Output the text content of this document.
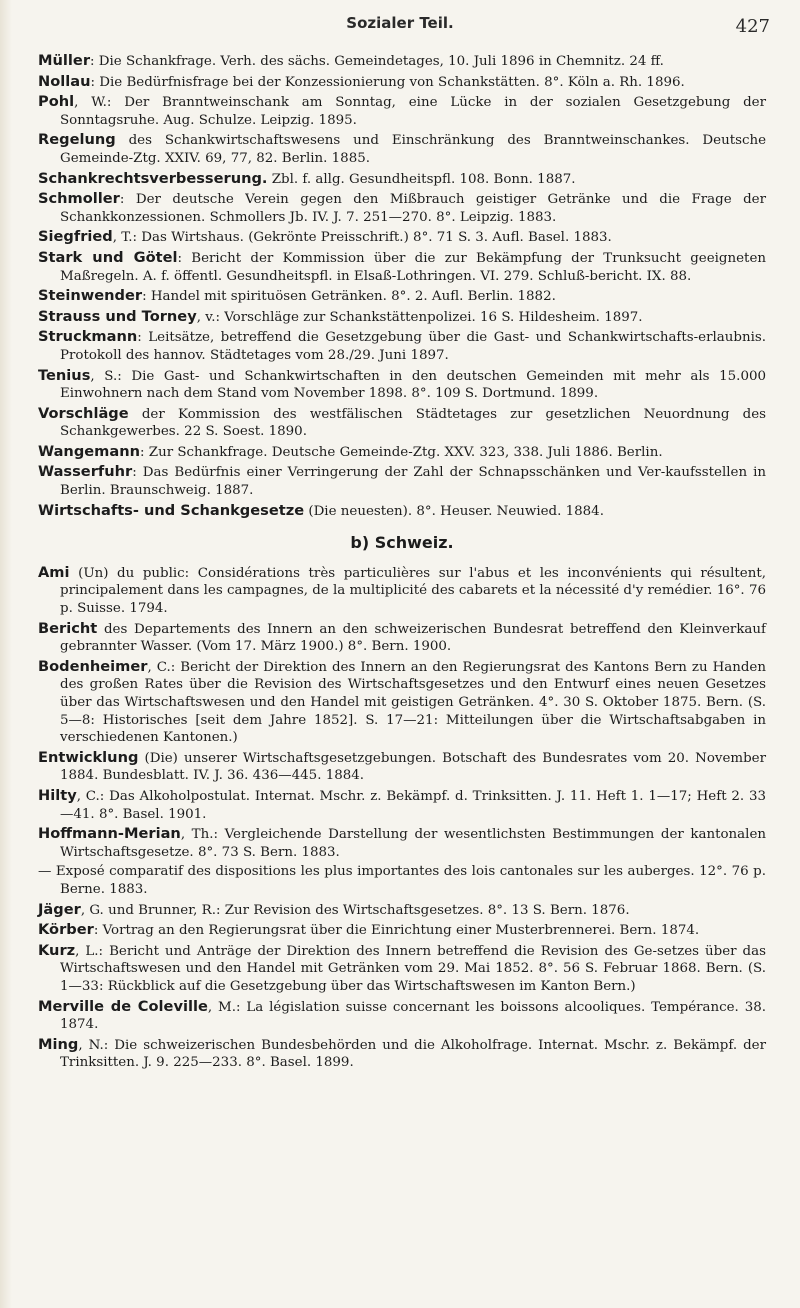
Sozialer Teil.	427

Müller: Die Schankfrage. Verh. des sächs. Gemeindetages, 10. Juli 1896 in Chemnitz. 24 ff.

Nollau: Die Bedürfnisfrage bei der Konzessionierung von Schankstätten. 8°. Köln a. Rh. 1896.

Pohl, W.: Der Branntweinschank am Sonntag, eine Lücke in der sozialen Gesetzgebung der Sonntagsruhe. Aug. Schulze. Leipzig. 1895.

Regelung des Schankwirtschaftswesens und Einschränkung des Branntweinschankes. Deutsche Gemeinde-Ztg. XXIV. 69, 77, 82. Berlin. 1885.

Schankrechtsverbesserung. Zbl. f. allg. Gesundheitspfl. 108. Bonn. 1887.

Schmoller: Der deutsche Verein gegen den Mißbrauch geistiger Getränke und die Frage der Schankkonzessionen. Schmollers Jb. IV. J. 7. 251—270. 8°. Leipzig. 1883.

Siegfried, T.: Das Wirtshaus. (Gekrönte Preisschrift.) 8°. 71 S. 3. Aufl. Basel. 1883.

Stark und Götel: Bericht der Kommission über die zur Bekämpfung der Trunksucht geeigneten Maßregeln. A. f. öffentl. Gesundheitspfl. in Elsaß-Lothringen. VI. 279. Schluß-bericht. IX. 88.

Steinwender: Handel mit spirituösen Getränken. 8°. 2. Aufl. Berlin. 1882.

Strauss und Torney, v.: Vorschläge zur Schankstättenpolizei. 16 S. Hildesheim. 1897.

Struckmann: Leitsätze, betreffend die Gesetzgebung über die Gast- und Schankwirtschafts-erlaubnis. Protokoll des hannov. Städtetages vom 28./29. Juni 1897.

Tenius, S.: Die Gast- und Schankwirtschaften in den deutschen Gemeinden mit mehr als 15.000 Einwohnern nach dem Stand vom November 1898. 8°. 109 S. Dortmund. 1899.

Vorschläge der Kommission des westfälischen Städtetages zur gesetzlichen Neuordnung des Schankgewerbes. 22 S. Soest. 1890.

Wangemann: Zur Schankfrage. Deutsche Gemeinde-Ztg. XXV. 323, 338. Juli 1886. Berlin.

Wasserfuhr: Das Bedürfnis einer Verringerung der Zahl der Schnapsschänken und Ver-kaufsstellen in Berlin. Braunschweig. 1887.

Wirtschafts- und Schankgesetze (Die neuesten). 8°. Heuser. Neuwied. 1884.

b) Schweiz.

Ami (Un) du public: Considérations très particulières sur l'abus et les inconvénients qui résultent, principalement dans les campagnes, de la multiplicité des cabarets et la nécessité d'y remédier. 16°. 76 p. Suisse. 1794.

Bericht des Departements des Innern an den schweizerischen Bundesrat betreffend den Kleinverkauf gebrannter Wasser. (Vom 17. März 1900.) 8°. Bern. 1900.

Bodenheimer, C.: Bericht der Direktion des Innern an den Regierungsrat des Kantons Bern zu Handen des großen Rates über die Revision des Wirtschaftsgesetzes und den Entwurf eines neuen Gesetzes über das Wirtschaftswesen und den Handel mit geistigen Getränken. 4°. 30 S. Oktober 1875. Bern. (S. 5—8: Historisches [seit dem Jahre 1852]. S. 17—21: Mitteilungen über die Wirtschaftsabgaben in verschiedenen Kantonen.)

Entwicklung (Die) unserer Wirtschaftsgesetzgebungen. Botschaft des Bundesrates vom 20. November 1884. Bundesblatt. IV. J. 36. 436—445. 1884.

Hilty, C.: Das Alkoholpostulat. Internat. Mschr. z. Bekämpf. d. Trinksitten. J. 11. Heft 1. 1—17; Heft 2. 33—41. 8°. Basel. 1901.

Hoffmann-Merian, Th.: Vergleichende Darstellung der wesentlichsten Bestimmungen der kantonalen Wirtschaftsgesetze. 8°. 73 S. Bern. 1883.

— Exposé comparatif des dispositions les plus importantes des lois cantonales sur les auberges. 12°. 76 p. Berne. 1883.

Jäger, G. und Brunner, R.: Zur Revision des Wirtschaftsgesetzes. 8°. 13 S. Bern. 1876.

Körber: Vortrag an den Regierungsrat über die Einrichtung einer Musterbrennerei. Bern. 1874.

Kurz, L.: Bericht und Anträge der Direktion des Innern betreffend die Revision des Ge-setzes über das Wirtschaftswesen und den Handel mit Getränken vom 29. Mai 1852. 8°. 56 S. Februar 1868. Bern. (S. 1—33: Rückblick auf die Gesetzgebung über das Wirtschaftswesen im Kanton Bern.)

Merville de Coleville, M.: La législation suisse concernant les boissons alcooliques. Tempérance. 38. 1874.

Ming, N.: Die schweizerischen Bundesbehörden und die Alkoholfrage. Internat. Mschr. z. Bekämpf. der Trinksitten. J. 9. 225—233. 8°. Basel. 1899.
